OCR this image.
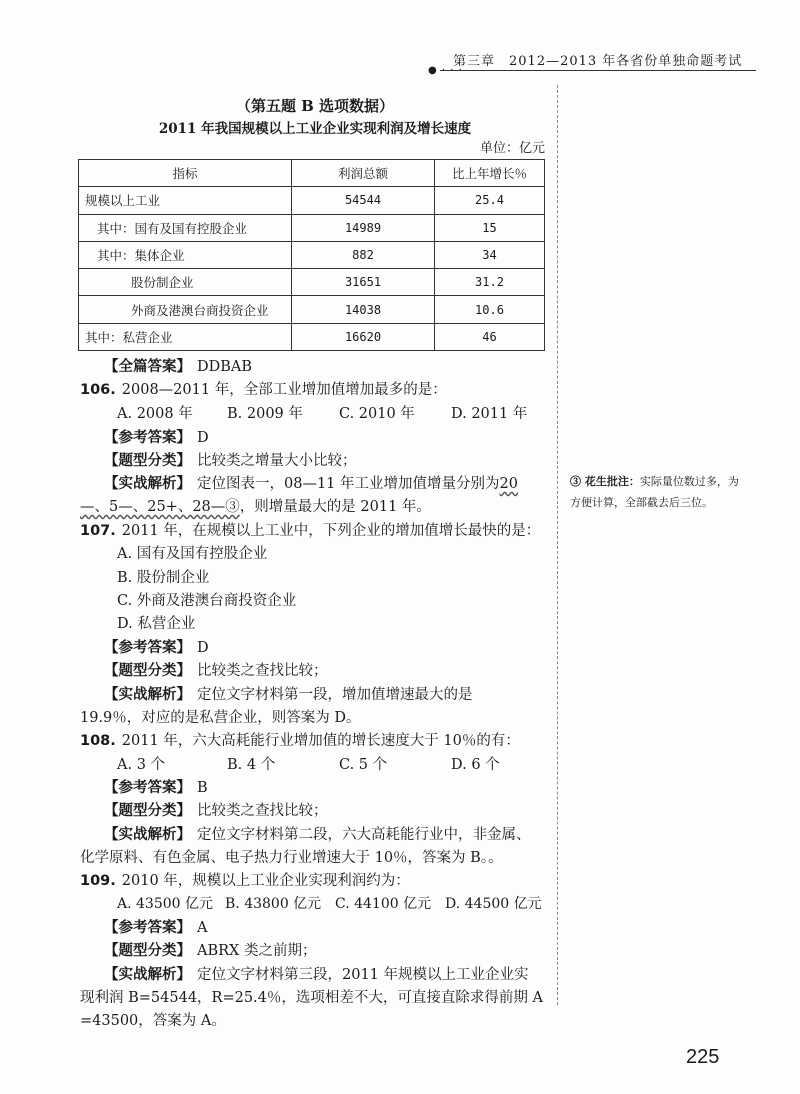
第三章　2012—2013 年各省份单独命题考试
● · · ·
（第五题 B 选项数据）
2011 年我国规模以上工业企业实现利润及增长速度
单位：亿元
指标	利润总额	比上年增长％
规模以上工业	54544	25.4
其中：国有及国有控股企业	14989	15
其中：集体企业	882	34
股份制企业	31651	31.2
外商及港澳台商投资企业	14038	10.6
其中：私营企业	16620	46
【全篇答案】 DDBAB
106. 2008—2011 年，全部工业增加值增加最多的是：
A. 2008 年 B. 2009 年 C. 2010 年 D. 2011 年
【参考答案】 D
【题型分类】 比较类之增量大小比较；
【实战解析】 定位图表一，08—11 年工业增加值增量分别为20
—、5—、25+、28—③，则增量最大的是 2011 年。
③ 花生批注：实际量位数过多，为方便计算，全部截去后三位。
107. 2011 年，在规模以上工业中，下列企业的增加值增长最快的是：
A. 国有及国有控股企业
B. 股份制企业
C. 外商及港澳台商投资企业
D. 私营企业
【参考答案】 D
【题型分类】 比较类之查找比较；
【实战解析】 定位文字材料第一段，增加值增速最大的是
19.9％，对应的是私营企业，则答案为 D。
108. 2011 年，六大高耗能行业增加值的增长速度大于 10％的有：
A. 3 个	B. 4 个	C. 5 个	D. 6 个
【参考答案】 B
【题型分类】 比较类之查找比较；
【实战解析】 定位文字材料第二段，六大高耗能行业中，非金属、
化学原料、有色金属、电子热力行业增速大于 10％，答案为 B。。
109. 2010 年，规模以上工业企业实现利润约为：
A. 43500 亿元 B. 43800 亿元 C. 44100 亿元 D. 44500 亿元
【参考答案】 A
【题型分类】 ABRX 类之前期；
【实战解析】 定位文字材料第三段，2011 年规模以上工业企业实
现利润 B=54544，R=25.4％，选项相差不大，可直接直除求得前期 A
=43500，答案为 A。
225
